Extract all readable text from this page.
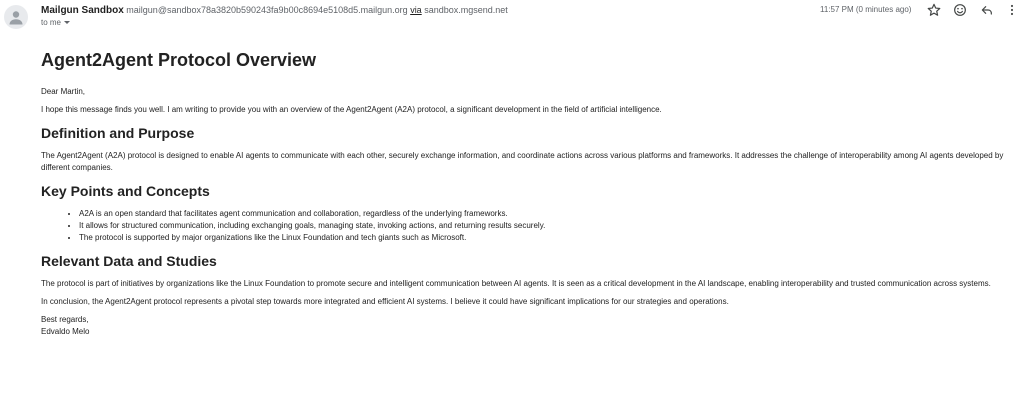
Mailgun Sandbox mailgun@sandbox78a3820b590243fa9b00c8694e5108d5.mailgun.org via sandbox.mgsend.net
to me
11:57 PM (0 minutes ago)
Agent2Agent Protocol Overview

Dear Martin,

I hope this message finds you well. I am writing to provide you with an overview of the Agent2Agent (A2A) protocol, a significant development in the field of artificial intelligence.

Definition and Purpose

The Agent2Agent (A2A) protocol is designed to enable AI agents to communicate with each other, securely exchange information, and coordinate actions across various platforms and frameworks. It addresses the challenge of interoperability among AI agents developed by different companies.

Key Points and Concepts
• A2A is an open standard that facilitates agent communication and collaboration, regardless of the underlying frameworks.
• It allows for structured communication, including exchanging goals, managing state, invoking actions, and returning results securely.
• The protocol is supported by major organizations like the Linux Foundation and tech giants such as Microsoft.
Relevant Data and Studies

The protocol is part of initiatives by organizations like the Linux Foundation to promote secure and intelligent communication between AI agents. It is seen as a critical development in the AI landscape, enabling interoperability and trusted communication across systems.

In conclusion, the Agent2Agent protocol represents a pivotal step towards more integrated and efficient AI systems. I believe it could have significant implications for our strategies and operations.

Best regards,

Edvaldo Melo
